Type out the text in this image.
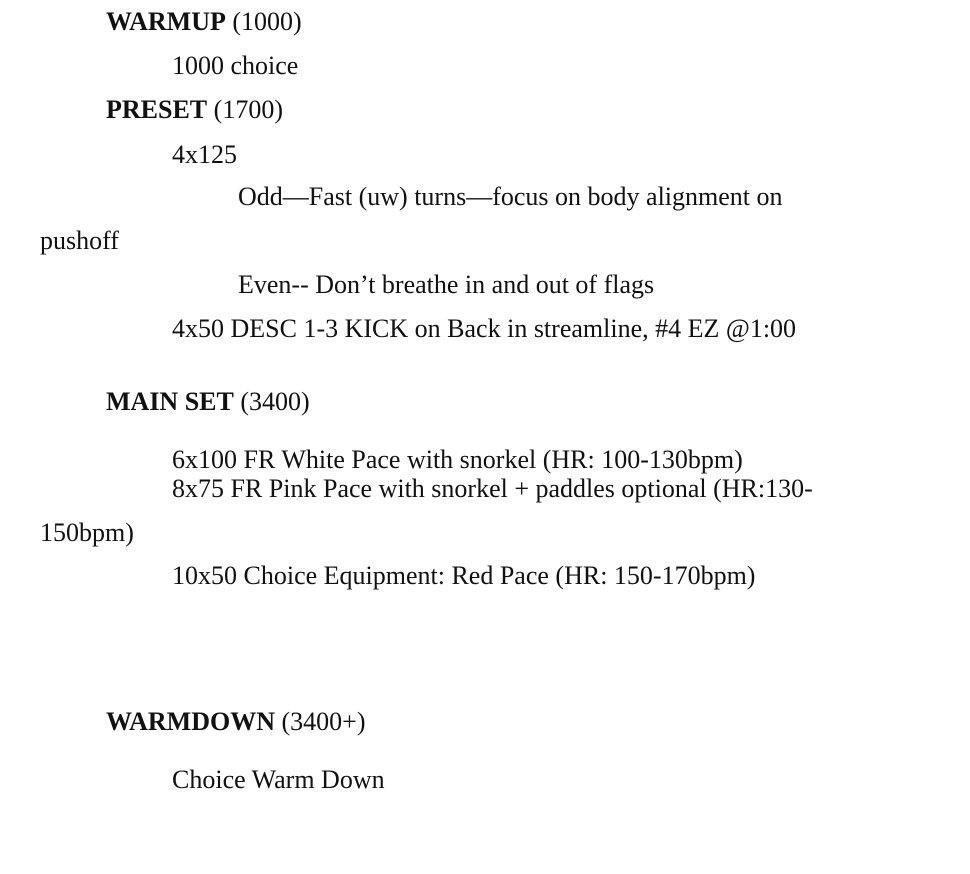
WARMUP (1000)

1000 choice

PRESET (1700)

4x125

Odd—Fast (uw) turns—focus on body alignment on

pushoff

Even-- Don’t breathe in and out of flags

4x50 DESC 1-3 KICK on Back in streamline, #4 EZ @1:00

MAIN SET (3400)

6x100 FR White Pace with snorkel (HR: 100-130bpm)

8x75 FR Pink Pace with snorkel + paddles optional (HR:130-

150bpm)

10x50 Choice Equipment: Red Pace (HR: 150-170bpm)

WARMDOWN (3400+)

Choice Warm Down
